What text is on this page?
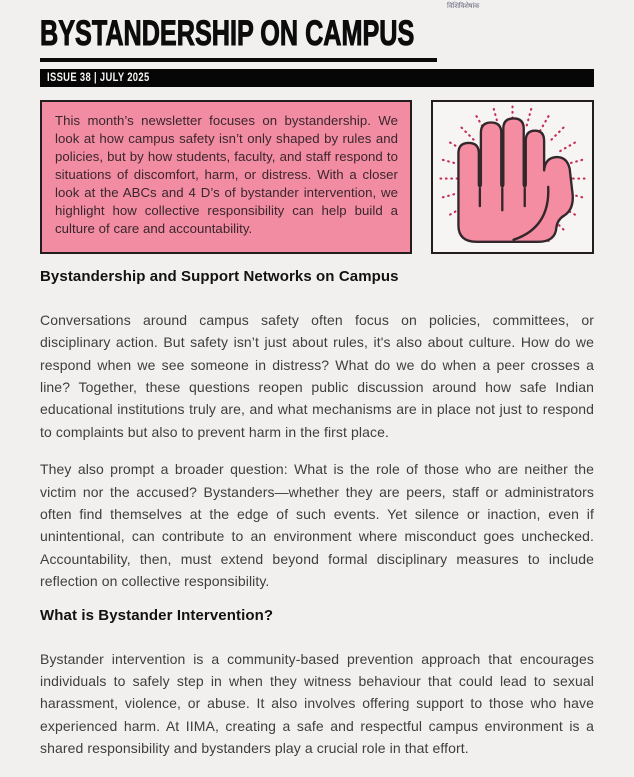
विशिविशेषांक
BYSTANDERSHIP ON CAMPUS
ISSUE 38 | JULY 2025
This month’s newsletter focuses on bystandership. We look at how campus safety isn’t only shaped by rules and policies, but by how students, faculty, and staff respond to situations of discomfort, harm, or distress. With a closer look at the ABCs and 4 D’s of bystander intervention, we highlight how collective responsibility can help build a culture of care and accountability.
Bystandership and Support Networks on Campus

Conversations around campus safety often focus on policies, committees, or disciplinary action. But safety isn’t just about rules, it's also about culture. How do we respond when we see someone in distress? What do we do when a peer crosses a line? Together, these questions reopen public discussion around how safe Indian educational institutions truly are, and what mechanisms are in place not just to respond to complaints but also to prevent harm in the first place.

They also prompt a broader question: What is the role of those who are neither the victim nor the accused? Bystanders—whether they are peers, staff or administrators often find themselves at the edge of such events. Yet silence or inaction, even if unintentional, can contribute to an environment where misconduct goes unchecked. Accountability, then, must extend beyond formal disciplinary measures to include reflection on collective responsibility.

What is Bystander Intervention?

Bystander intervention is a community-based prevention approach that encourages individuals to safely step in when they witness behaviour that could lead to sexual harassment, violence, or abuse. It also involves offering support to those who have experienced harm. At IIMA, creating a safe and respectful campus environment is a shared responsibility and bystanders play a crucial role in that effort.
